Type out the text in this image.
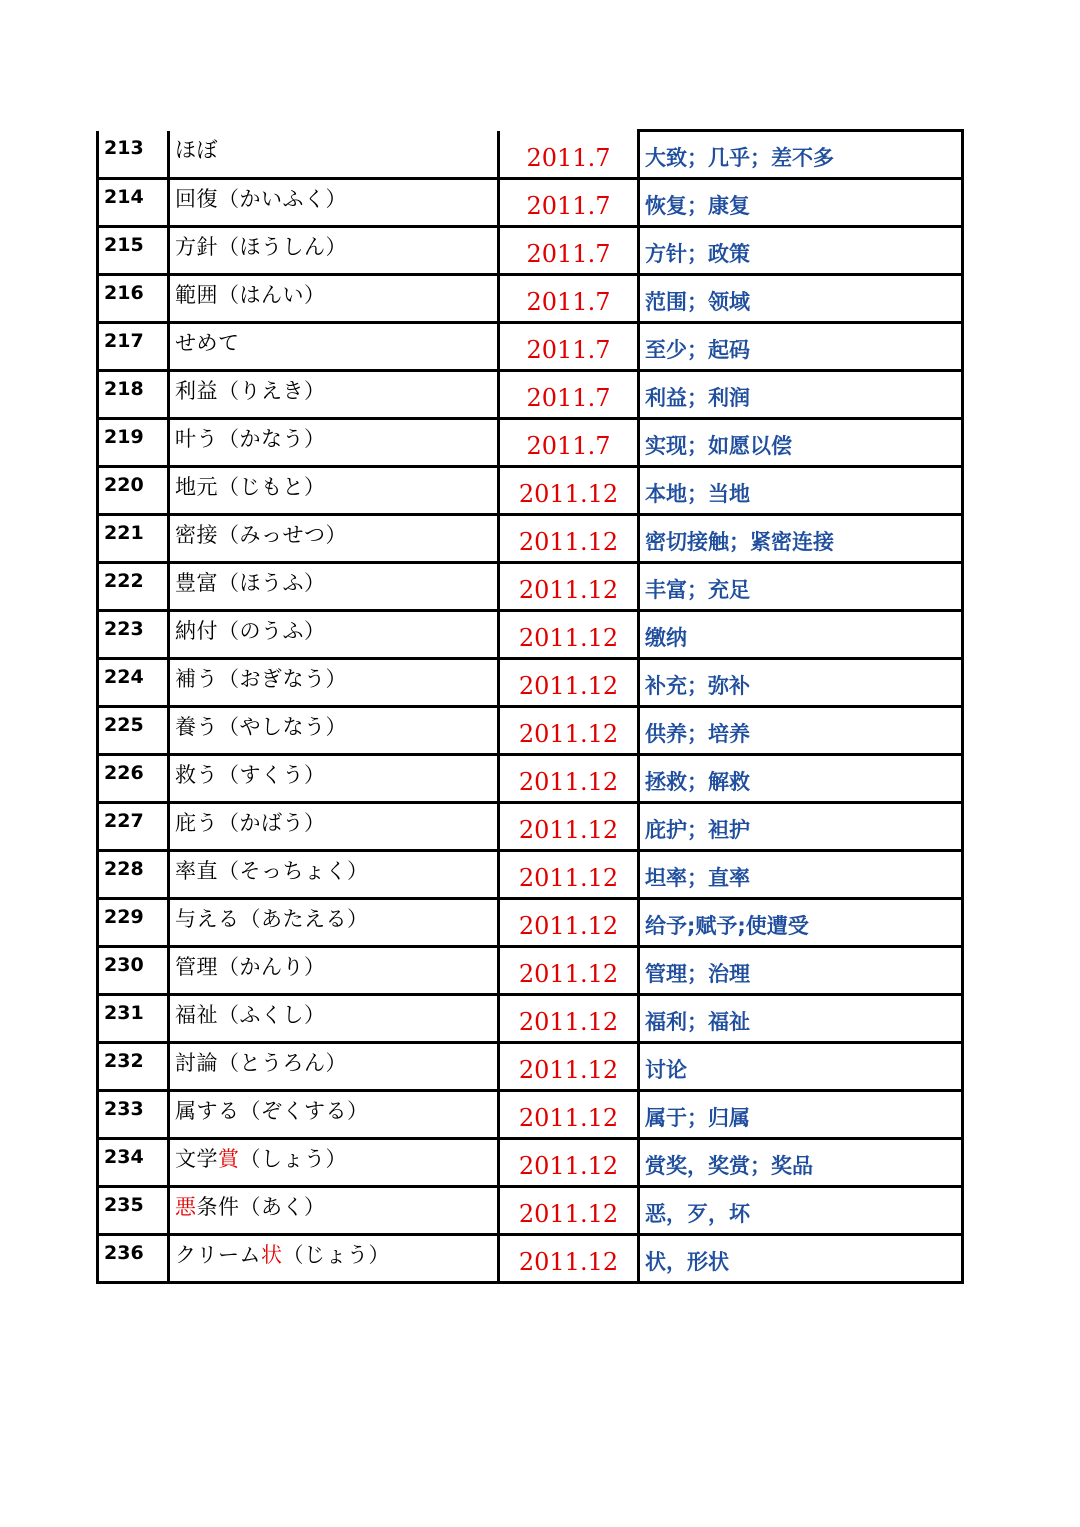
213	ほぼ	2011.7	大致；几乎；差不多

214	回復（かいふく）	2011.7	恢复；康复

215	方針（ほうしん）	2011.7	方针；政策

216	範囲（はんい）	2011.7	范围；领域

217	せめて	2011.7	至少；起码

218	利益（りえき）	2011.7	利益；利润

219	叶う（かなう）	2011.7	实现；如愿以偿

220	地元（じもと）	2011.12	本地；当地

221	密接（みっせつ）	2011.12	密切接触；紧密连接

222	豊富（ほうふ）	2011.12	丰富；充足

223	納付（のうふ）	2011.12	缴纳

224	補う（おぎなう）	2011.12	补充；弥补

225	養う（やしなう）	2011.12	供养；培养

226	救う（すくう）	2011.12	拯救；解救

227	庇う（かばう）	2011.12	庇护；袒护

228	率直（そっちょく）	2011.12	坦率；直率

229	与える（あたえる）	2011.12	给予;赋予;使遭受

230	管理（かんり）	2011.12	管理；治理

231	福祉（ふくし）	2011.12	福利；福祉

232	討論（とうろん）	2011.12	讨论

233	属する（ぞくする）	2011.12	属于；归属

234	文学賞（しょう）	2011.12	赏奖，奖赏；奖品

235	悪条件（あく）	2011.12	恶，歹，坏

236	クリーム状（じょう）	2011.12	状，形状
